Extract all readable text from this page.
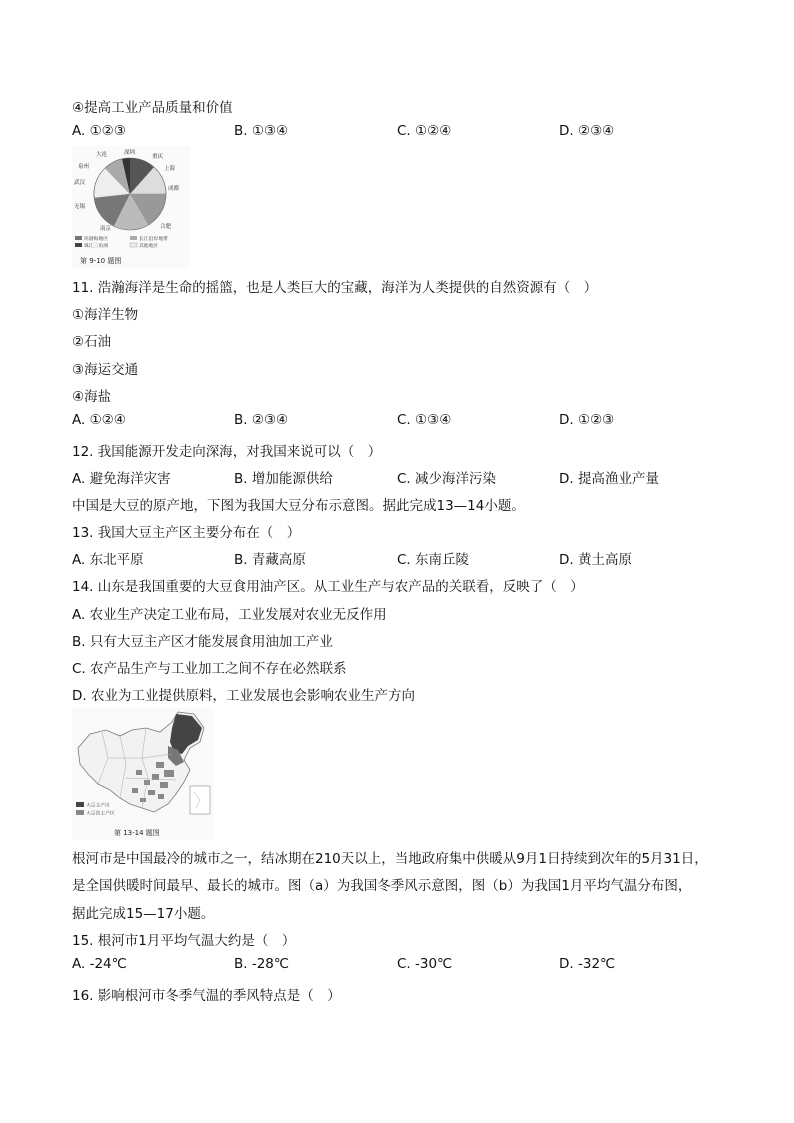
④提高工业产品质量和价值
A. ①②③	B. ①③④	C. ①②④	D. ②③④
大连	深圳
重庆
泉州	上海
武汉
成都
无锡
南京	合肥
环渤海地区	长江沿岸地带
珠江三角洲	其他地区
第 9-10 题图
11. 浩瀚海洋是生命的摇篮，也是人类巨大的宝藏，海洋为人类提供的自然资源有（　）
①海洋生物
②石油
③海运交通
④海盐
A. ①②④	B. ②③④	C. ①③④	D. ①②③
12. 我国能源开发走向深海，对我国来说可以（　）
A. 避免海洋灾害	B. 增加能源供给	C. 减少海洋污染	D. 提高渔业产量
中国是大豆的原产地，下图为我国大豆分布示意图。据此完成13—14小题。
13. 我国大豆主产区主要分布在（　）
A. 东北平原	B. 青藏高原	C. 东南丘陵	D. 黄土高原
14. 山东是我国重要的大豆食用油产区。从工业生产与农产品的关联看，反映了（　）
A. 农业生产决定工业布局，工业发展对农业无反作用
B. 只有大豆主产区才能发展食用油加工产业
C. 农产品生产与工业加工之间不存在必然联系
D. 农业为工业提供原料，工业发展也会影响农业生产方向
大豆主产区
大豆次主产区
第 13-14 题图
根河市是中国最冷的城市之一，结冰期在210天以上，当地政府集中供暖从9月1日持续到次年的5月31日，
是全国供暖时间最早、最长的城市。图（a）为我国冬季风示意图，图（b）为我国1月平均气温分布图，
据此完成15—17小题。
15. 根河市1月平均气温大约是（　）
A. -24℃	B. -28℃	C. -30℃	D. -32℃
16. 影响根河市冬季气温的季风特点是（　）
